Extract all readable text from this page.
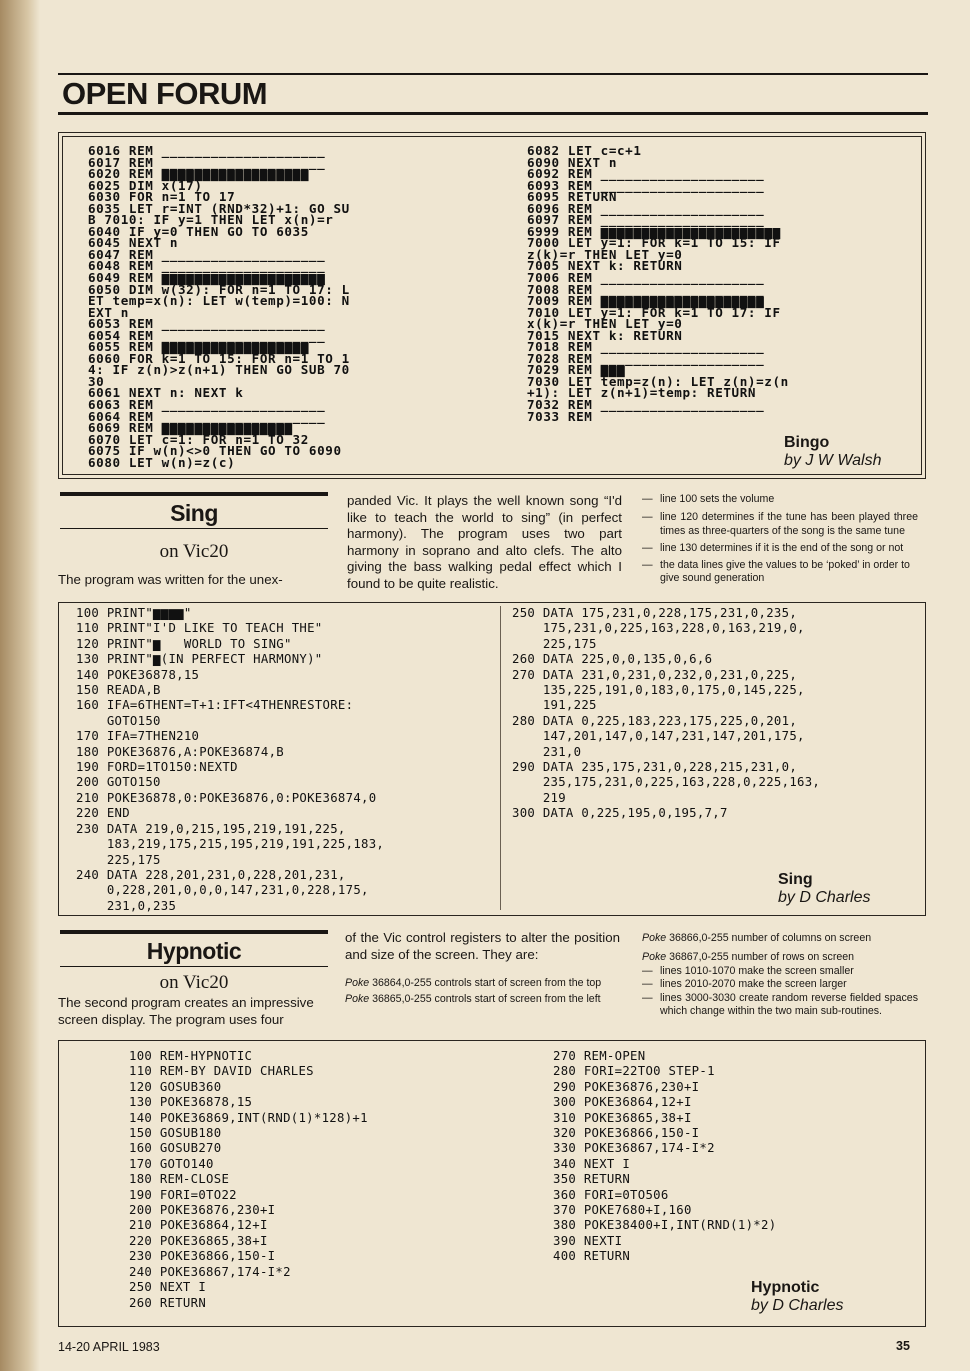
OPEN FORUM
6016 REM ____________________
6017 REM ____________________
6020 REM ▆▆▆▆▆▆▆▆▆▆▆▆▆▆▆▆▆▆
6025 DIM x(17)
6030 FOR n=1 TO 17
6035 LET r=INT (RND*32)+1: GO SU
B 7010: IF y=1 THEN LET x(n)=r
6040 IF y=0 THEN GO TO 6035
6045 NEXT n
6047 REM ____________________
6048 REM ____________________
6049 REM ▆▆▆▆▆▆▆▆▆▆▆▆▆▆▆▆▆▆▆▆
6050 DIM w(32): FOR n=1 TO 17: L
ET temp=x(n): LET w(temp)=100: N
EXT n
6053 REM ____________________
6054 REM ____________________
6055 REM ▆▆▆▆▆▆▆▆▆▆▆▆▆▆▆▆▆▆
6060 FOR k=1 TO 15: FOR n=1 TO 1
4: IF z(n)>z(n+1) THEN GO SUB 70
30
6061 NEXT n: NEXT k
6063 REM ____________________
6064 REM ____________________
6069 REM ▆▆▆▆▆▆▆▆▆▆▆▆▆▆▆▆
6070 LET c=1: FOR n=1 TO 32
6075 IF w(n)<>0 THEN GO TO 6090
6080 LET w(n)=z(c)
6082 LET c=c+1
6090 NEXT n
6092 REM ____________________
6093 REM ____________________
6095 RETURN
6096 REM ____________________
6097 REM ____________________
6999 REM ▆▆▆▆▆▆▆▆▆▆▆▆▆▆▆▆▆▆▆▆▆▆
7000 LET y=1: FOR k=1 TO 15: IF
z(k)=r THEN LET y=0
7005 NEXT k: RETURN
7006 REM ____________________
7008 REM ____________________
7009 REM ▆▆▆▆▆▆▆▆▆▆▆▆▆▆▆▆▆▆▆▆
7010 LET y=1: FOR k=1 TO 17: IF
x(k)=r THEN LET y=0
7015 NEXT k: RETURN
7018 REM ____________________
7028 REM ____________________
7029 REM ▆▆▆
7030 LET temp=z(n): LET z(n)=z(n
+1): LET z(n+1)=temp: RETURN
7032 REM ____________________
7033 REM
Bingo
by J W Walsh
Sing
on Vic20
The program was written for the unex-
panded Vic. It plays the well known song “I'd like to teach the world to sing” (in perfect harmony). The program uses two part harmony in soprano and alto clefs. The alto giving the bass walking pedal effect which I found to be quite realistic.
— line 100 sets the volume
— line 120 determines if the tune has been played three times as three-quarters of the song is the same tune
— line 130 determines if it is the end of the song or not
— the data lines give the values to be ‘poked’ in order to give sound generation
100 PRINT"▆▆▆▆"
110 PRINT"I'D LIKE TO TEACH THE"
120 PRINT"▆   WORLD TO SING"
130 PRINT"▆(IN PERFECT HARMONY)"
140 POKE36878,15
150 READA,B
160 IFA=6THENT=T+1:IFT<4THENRESTORE:
GOTO150
170 IFA=7THEN210
180 POKE36876,A:POKE36874,B
190 FORD=1TO150:NEXTD
200 GOTO150
210 POKE36878,0:POKE36876,0:POKE36874,0
220 END
230 DATA 219,0,215,195,219,191,225,
183,219,175,215,195,219,191,225,183,
225,175
240 DATA 228,201,231,0,228,201,231,
0,228,201,0,0,0,147,231,0,228,175,
231,0,235
250 DATA 175,231,0,228,175,231,0,235,
175,231,0,225,163,228,0,163,219,0,
225,175
260 DATA 225,0,0,135,0,6,6
270 DATA 231,0,231,0,232,0,231,0,225,
135,225,191,0,183,0,175,0,145,225,
191,225
280 DATA 0,225,183,223,175,225,0,201,
147,201,147,0,147,231,147,201,175,
231,0
290 DATA 235,175,231,0,228,215,231,0,
235,175,231,0,225,163,228,0,225,163,
219
300 DATA 0,225,195,0,195,7,7
Sing
by D Charles
Hypnotic
on Vic20
The second program creates an impressive screen display. The program uses four
of the Vic control registers to alter the position and size of the screen. They are:
Poke 36864,0-255 controls start of screen from the top
Poke 36865,0-255 controls start of screen from the left
Poke 36866,0-255 number of columns on screen
Poke 36867,0-255 number of rows on screen
— lines 1010-1070 make the screen smaller
— lines 2010-2070 make the screen larger
— lines 3000-3030 create random reverse fielded spaces which change within the two main sub-routines.
100 REM-HYPNOTIC
110 REM-BY DAVID CHARLES
120 GOSUB360
130 POKE36878,15
140 POKE36869,INT(RND(1)*128)+1
150 GOSUB180
160 GOSUB270
170 GOTO140
180 REM-CLOSE
190 FORI=0TO22
200 POKE36876,230+I
210 POKE36864,12+I
220 POKE36865,38+I
230 POKE36866,150-I
240 POKE36867,174-I*2
250 NEXT I
260 RETURN
270 REM-OPEN
280 FORI=22TO0 STEP-1
290 POKE36876,230+I
300 POKE36864,12+I
310 POKE36865,38+I
320 POKE36866,150-I
330 POKE36867,174-I*2
340 NEXT I
350 RETURN
360 FORI=0TO506
370 POKE7680+I,160
380 POKE38400+I,INT(RND(1)*2)
390 NEXTI
400 RETURN
Hypnotic
by D Charles
14-20 APRIL 1983	35
